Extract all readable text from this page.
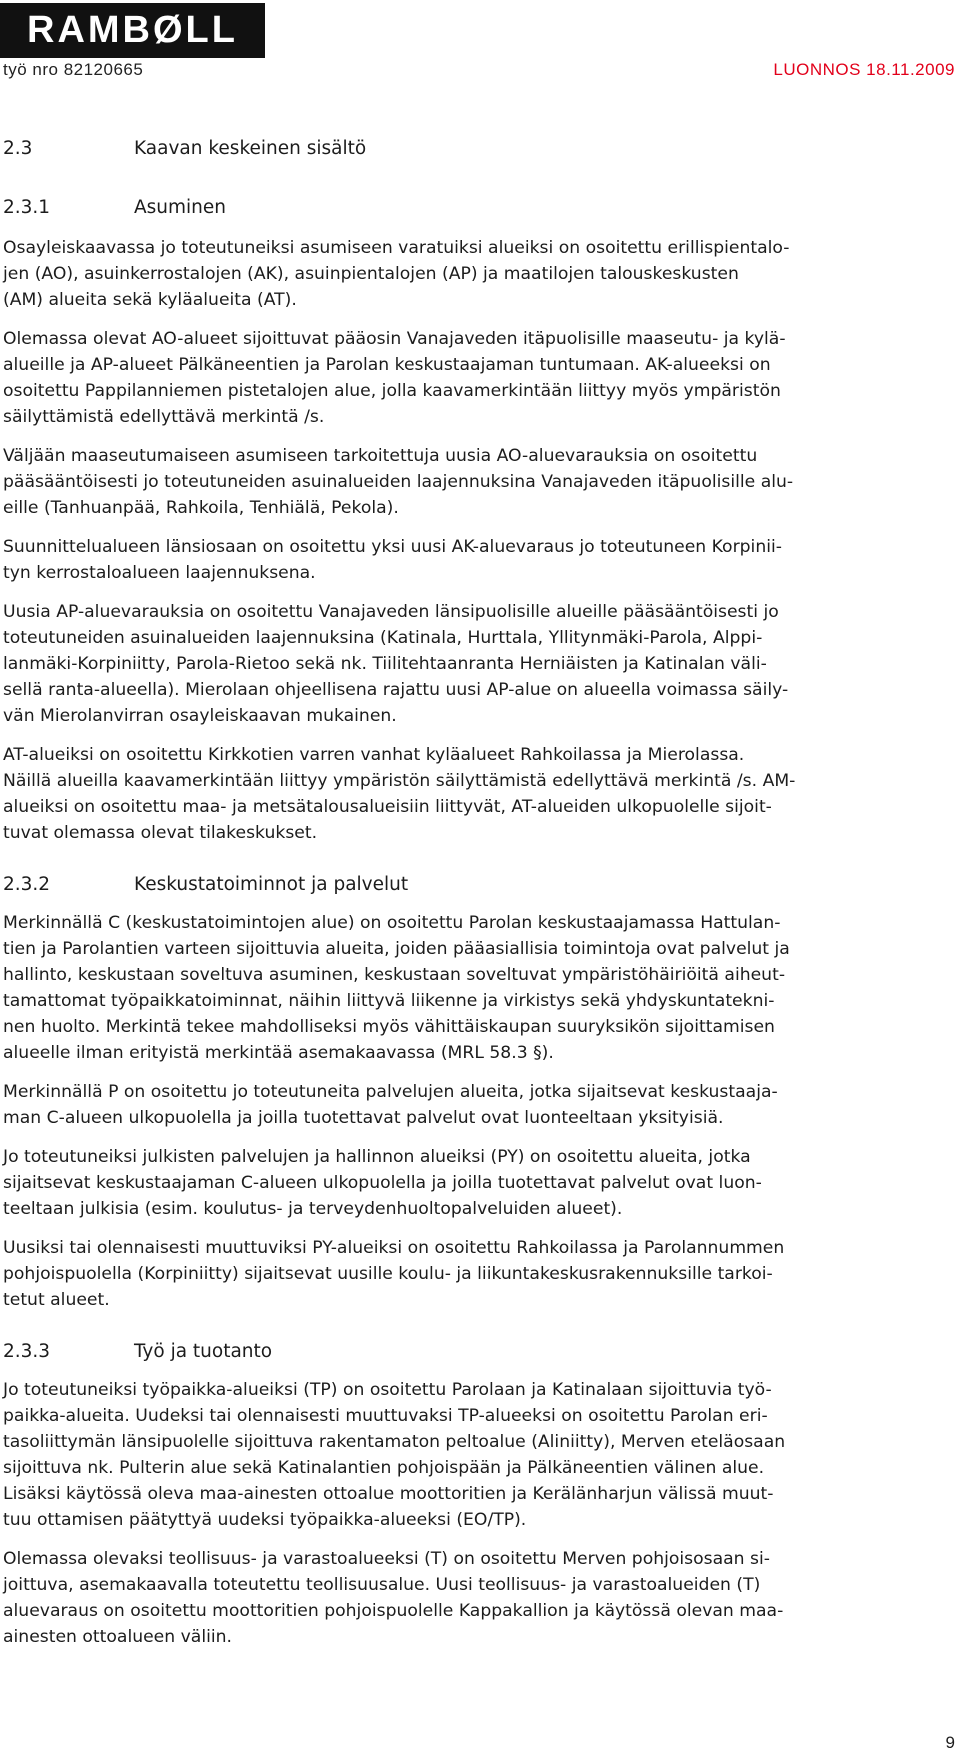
RAMBØLL
työ nro 82120665	LUONNOS 18.11.2009
2.3	Kaavan keskeinen sisältö
2.3.1	Asuminen

Osayleiskaavassa jo toteutuneiksi asumiseen varatuiksi alueiksi on osoitettu erillispientalo-
jen (AO), asuinkerrostalojen (AK), asuinpientalojen (AP) ja maatilojen talouskeskusten
(AM) alueita sekä kyläalueita (AT).

Olemassa olevat AO-alueet sijoittuvat pääosin Vanajaveden itäpuolisille maaseutu- ja kylä-
alueille ja AP-alueet Pälkäneentien ja Parolan keskustaajaman tuntumaan. AK-alueeksi on
osoitettu Pappilanniemen pistetalojen alue, jolla kaavamerkintään liittyy myös ympäristön
säilyttämistä edellyttävä merkintä /s.

Väljään maaseutumaiseen asumiseen tarkoitettuja uusia AO-aluevarauksia on osoitettu
pääsääntöisesti jo toteutuneiden asuinalueiden laajennuksina Vanajaveden itäpuolisille alu-
eille (Tanhuanpää, Rahkoila, Tenhiälä, Pekola).

Suunnittelualueen länsiosaan on osoitettu yksi uusi AK-aluevaraus jo toteutuneen Korpinii-
tyn kerrostaloalueen laajennuksena.

Uusia AP-aluevarauksia on osoitettu Vanajaveden länsipuolisille alueille pääsääntöisesti jo
toteutuneiden asuinalueiden laajennuksina (Katinala, Hurttala, Yllitynmäki-Parola, Alppi-
lanmäki-Korpiniitty, Parola-Rietoo sekä nk. Tiilitehtaanranta Herniäisten ja Katinalan väli-
sellä ranta-alueella). Mierolaan ohjeellisena rajattu uusi AP-alue on alueella voimassa säily-
vän Mierolanvirran osayleiskaavan mukainen.

AT-alueiksi on osoitettu Kirkkotien varren vanhat kyläalueet Rahkoilassa ja Mierolassa.
Näillä alueilla kaavamerkintään liittyy ympäristön säilyttämistä edellyttävä merkintä /s. AM-
alueiksi on osoitettu maa- ja metsätalousalueisiin liittyvät, AT-alueiden ulkopuolelle sijoit-
tuvat olemassa olevat tilakeskukset.

2.3.2	Keskustatoiminnot ja palvelut

Merkinnällä C (keskustatoimintojen alue) on osoitettu Parolan keskustaajamassa Hattulan-
tien ja Parolantien varteen sijoittuvia alueita, joiden pääasiallisia toimintoja ovat palvelut ja
hallinto, keskustaan soveltuva asuminen, keskustaan soveltuvat ympäristöhäiriöitä aiheut-
tamattomat työpaikkatoiminnat, näihin liittyvä liikenne ja virkistys sekä yhdyskuntatekni-
nen huolto. Merkintä tekee mahdolliseksi myös vähittäiskaupan suuryksikön sijoittamisen
alueelle ilman erityistä merkintää asemakaavassa (MRL 58.3 §).

Merkinnällä P on osoitettu jo toteutuneita palvelujen alueita, jotka sijaitsevat keskustaaja-
man C-alueen ulkopuolella ja joilla tuotettavat palvelut ovat luonteeltaan yksityisiä.

Jo toteutuneiksi julkisten palvelujen ja hallinnon alueiksi (PY) on osoitettu alueita, jotka
sijaitsevat keskustaajaman C-alueen ulkopuolella ja joilla tuotettavat palvelut ovat luon-
teeltaan julkisia (esim. koulutus- ja terveydenhuoltopalveluiden alueet).

Uusiksi tai olennaisesti muuttuviksi PY-alueiksi on osoitettu Rahkoilassa ja Parolannummen
pohjoispuolella (Korpiniitty) sijaitsevat uusille koulu- ja liikuntakeskusrakennuksille tarkoi-
tetut alueet.

2.3.3	Työ ja tuotanto

Jo toteutuneiksi työpaikka-alueiksi (TP) on osoitettu Parolaan ja Katinalaan sijoittuvia työ-
paikka-alueita. Uudeksi tai olennaisesti muuttuvaksi TP-alueeksi on osoitettu Parolan eri-
tasoliittymän länsipuolelle sijoittuva rakentamaton peltoalue (Aliniitty), Merven eteläosaan
sijoittuva nk. Pulterin alue sekä Katinalantien pohjoispään ja Pälkäneentien välinen alue.
Lisäksi käytössä oleva maa-ainesten ottoalue moottoritien ja Kerälänharjun välissä muut-
tuu ottamisen päätyttyä uudeksi työpaikka-alueeksi (EO/TP).

Olemassa olevaksi teollisuus- ja varastoalueeksi (T) on osoitettu Merven pohjoisosaan si-
joittuva, asemakaavalla toteutettu teollisuusalue. Uusi teollisuus- ja varastoalueiden (T)
aluevaraus on osoitettu moottoritien pohjoispuolelle Kappakallion ja käytössä olevan maa-
ainesten ottoalueen väliin.

9
